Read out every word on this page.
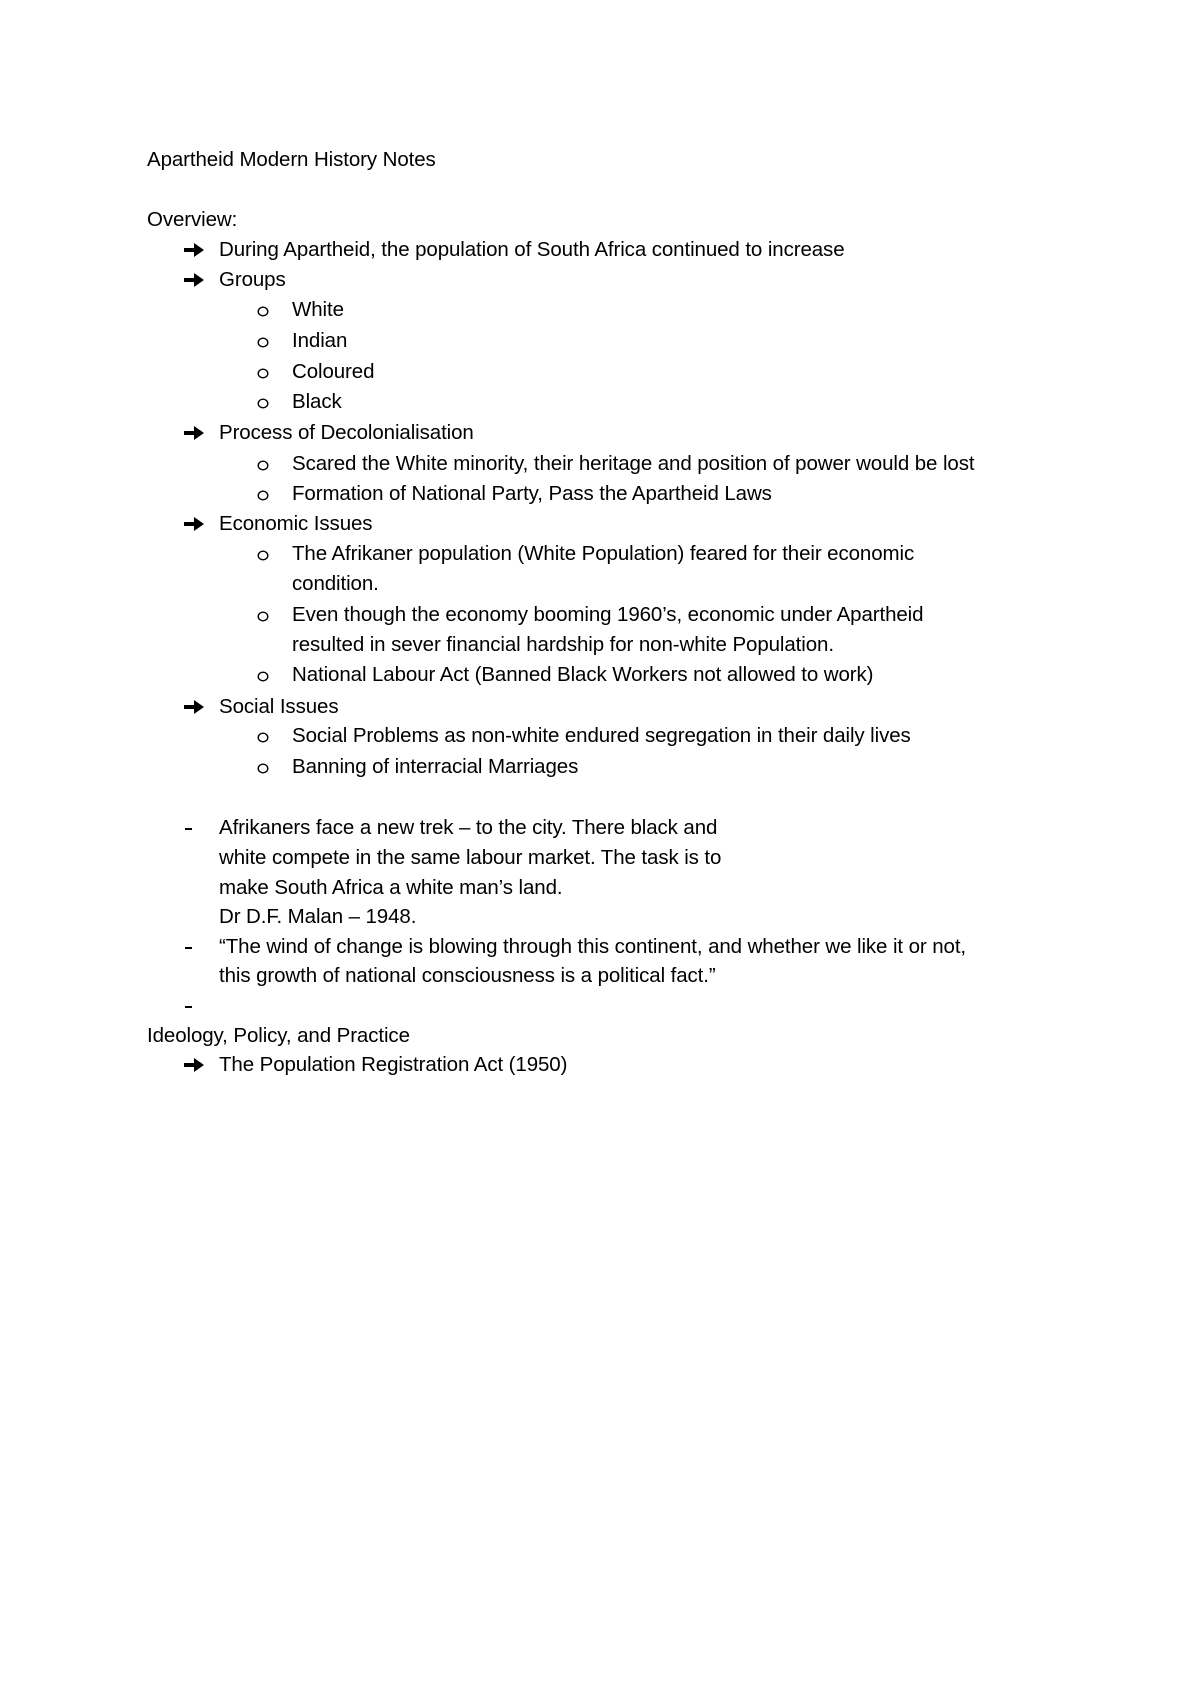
Apartheid Modern History Notes
Overview:
During Apartheid, the population of South Africa continued to increase
Groups
White
Indian
Coloured
Black
Process of Decolonialisation
Scared the White minority, their heritage and position of power would be lost
Formation of National Party, Pass the Apartheid Laws
Economic Issues
The Afrikaner population (White Population) feared for their economic
condition.
Even though the economy booming 1960’s, economic under Apartheid
resulted in sever financial hardship for non-white Population.
National Labour Act (Banned Black Workers not allowed to work)
Social Issues
Social Problems as non-white endured segregation in their daily lives
Banning of interracial Marriages
Afrikaners face a new trek – to the city. There black and
white compete in the same labour market. The task is to
make South Africa a white man’s land.
Dr D.F. Malan – 1948.
“The wind of change is blowing through this continent, and whether we like it or not,
this growth of national consciousness is a political fact.”
Ideology, Policy, and Practice
The Population Registration Act (1950)
